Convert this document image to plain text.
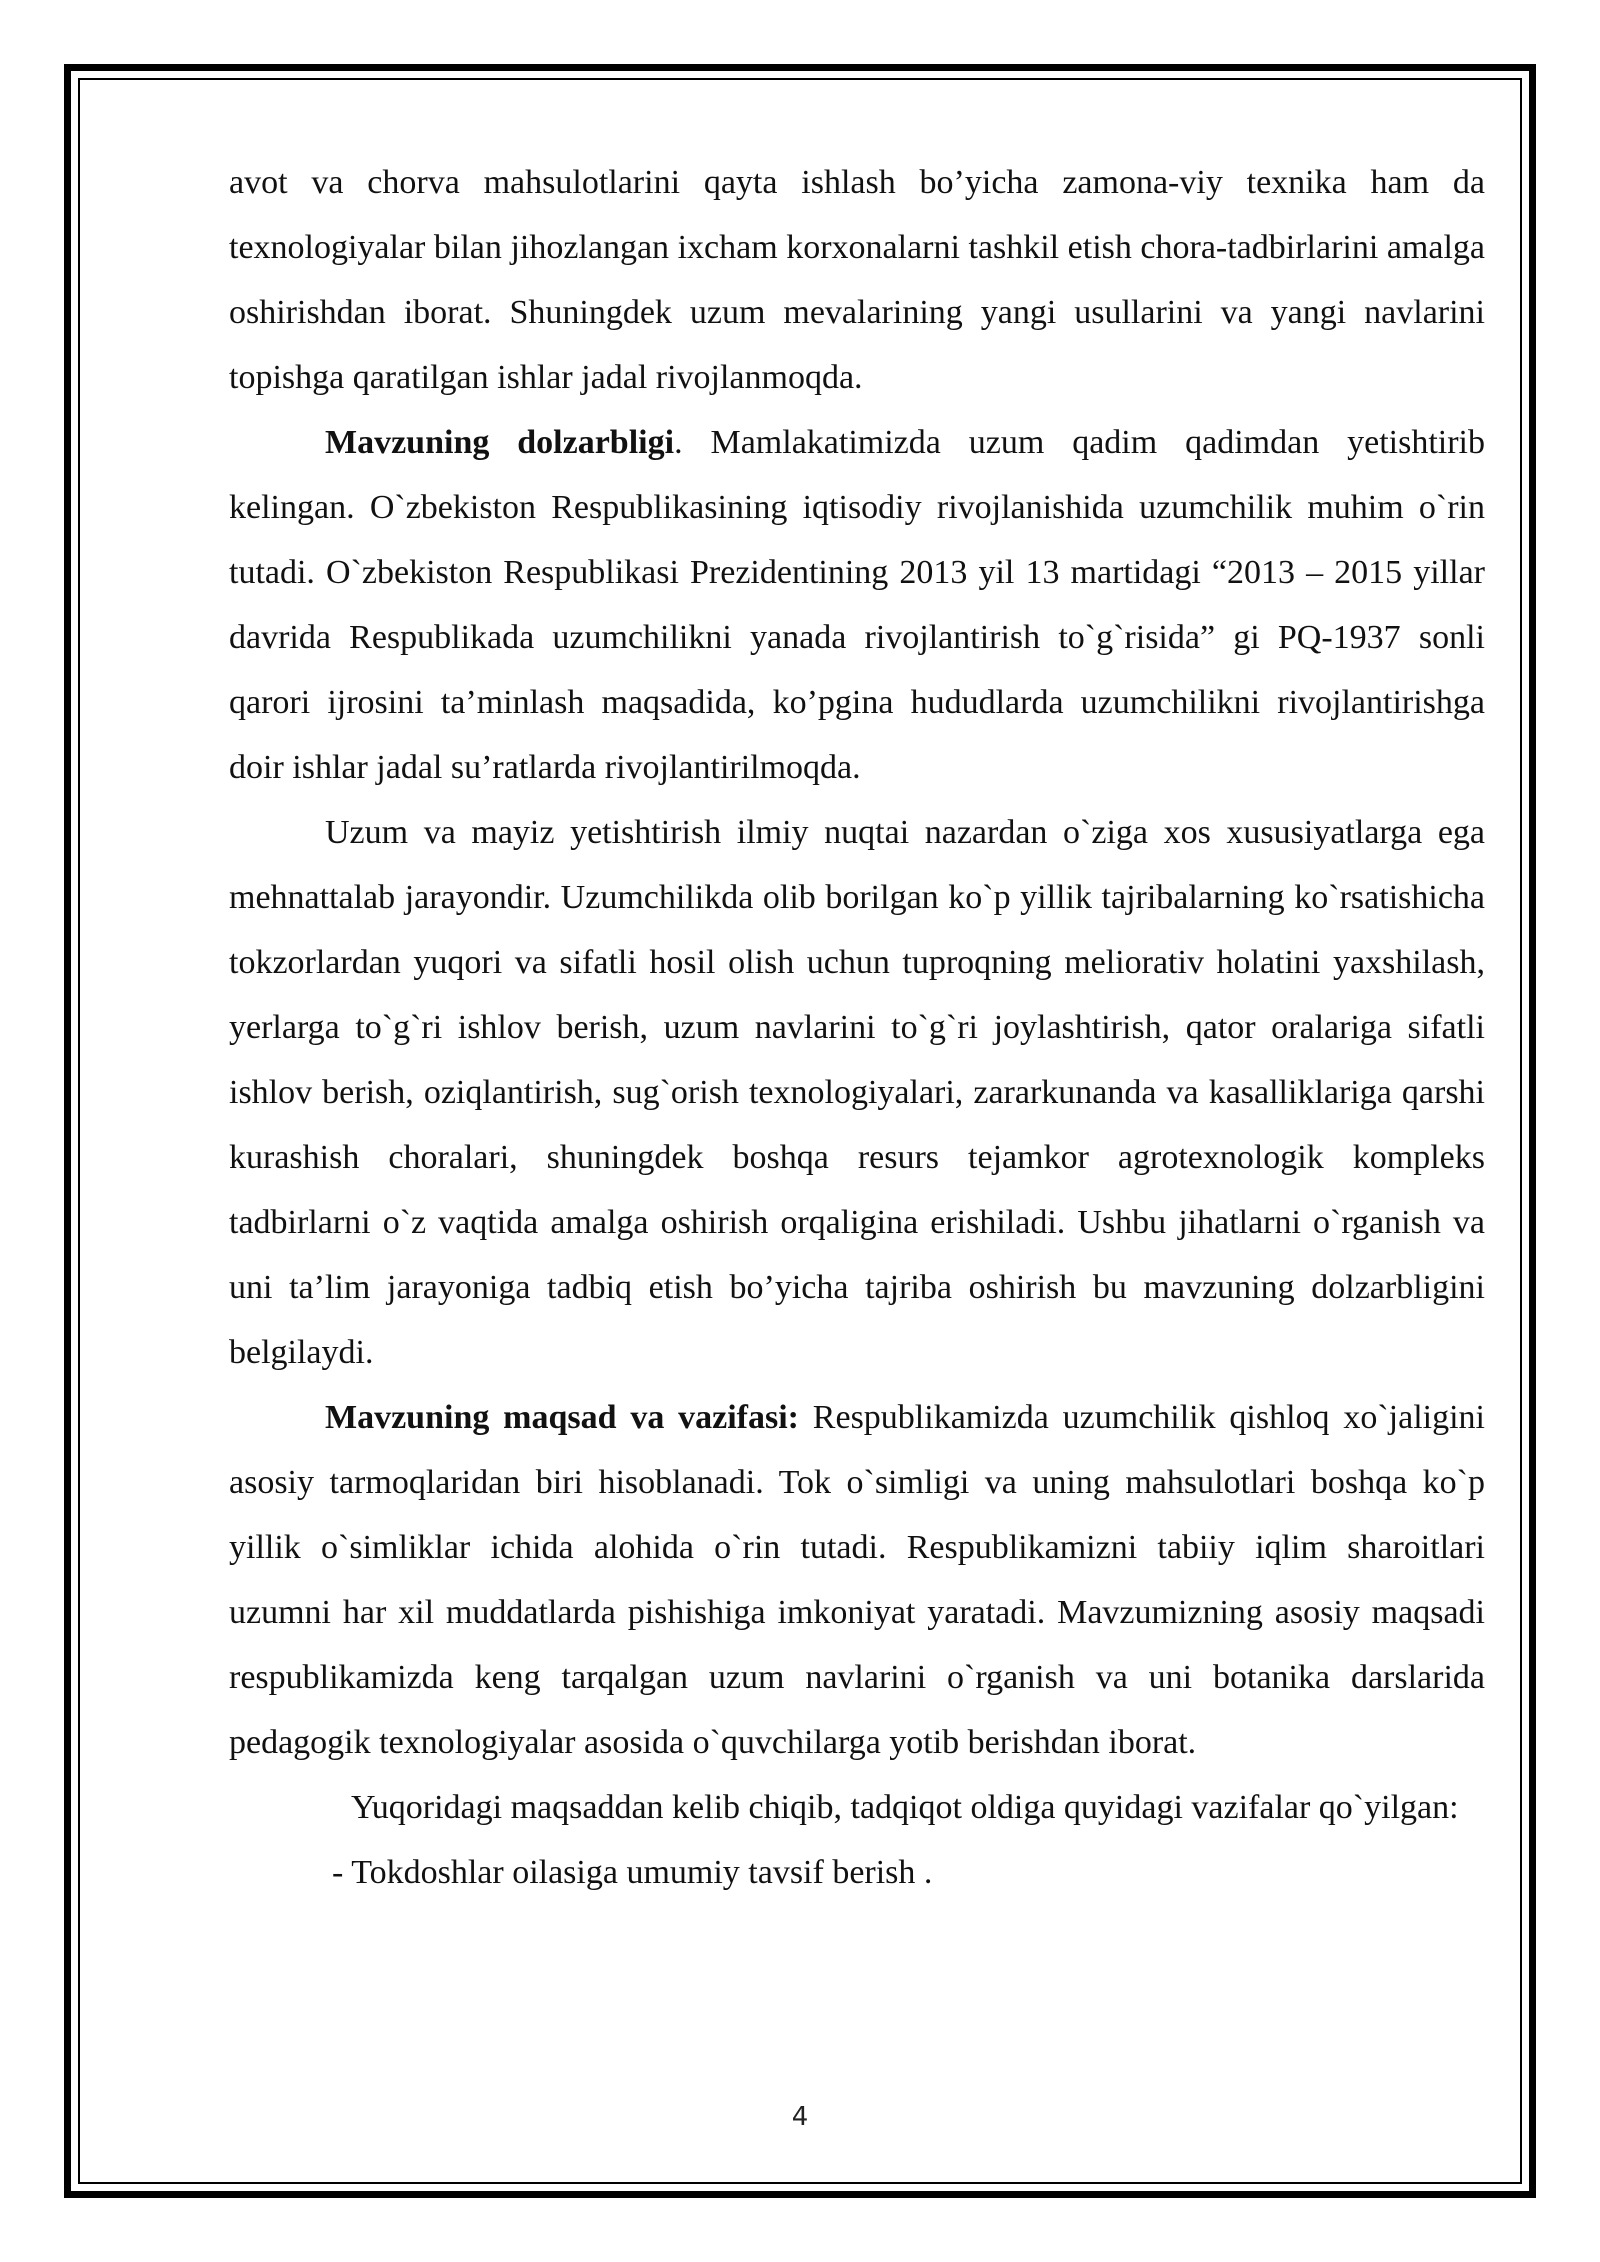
avot va chorva mahsulotlarini qayta ishlash bo’yicha zamona-viy texnika ham da texnologiyalar bilan jihozlangan ixcham korxonalarni tashkil etish chora-tadbirlarini amalga oshirishdan iborat. Shuningdek uzum mevalarining yangi usullarini va yangi navlarini topishga qaratilgan ishlar jadal rivojlanmoqda.

Mavzuning dolzarbligi. Mamlakatimizda uzum qadim qadimdan yetishtirib kelingan. O`zbekiston Respublikasining iqtisodiy rivojlanishida uzumchilik muhim o`rin tutadi. O`zbekiston Respublikasi Prezidentining 2013 yil 13 martidagi “2013 – 2015 yillar davrida Respublikada uzumchilikni yanada rivojlantirish to`g`risida” gi PQ-1937 sonli qarori ijrosini ta’minlash maqsadida, ko’pgina hududlarda uzumchilikni rivojlantirishga doir ishlar jadal su’ratlarda rivojlantirilmoqda.

Uzum va mayiz yetishtirish ilmiy nuqtai nazardan o`ziga xos xususiyatlarga ega mehnattalab jarayondir. Uzumchilikda olib borilgan ko`p yillik tajribalarning ko`rsatishicha tokzorlardan yuqori va sifatli hosil olish uchun tuproqning meliorativ holatini yaxshilash, yerlarga to`g`ri ishlov berish, uzum navlarini to`g`ri joylashtirish, qator oralariga sifatli ishlov berish, oziqlantirish, sug`orish texnologiyalari, zararkunanda va kasalliklariga qarshi kurashish choralari, shuningdek boshqa resurs tejamkor agrotexnologik kompleks tadbirlarni o`z vaqtida amalga oshirish orqaligina erishiladi. Ushbu jihatlarni o`rganish va uni ta’lim jarayoniga tadbiq etish bo’yicha tajriba oshirish bu mavzuning dolzarbligini belgilaydi.

Mavzuning maqsad va vazifasi: Respublikamizda uzumchilik qishloq xo`jaligini asosiy tarmoqlaridan biri hisoblanadi. Tok o`simligi va uning mahsulotlari boshqa ko`p yillik o`simliklar ichida alohida o`rin tutadi. Respublikamizni tabiiy iqlim sharoitlari uzumni har xil muddatlarda pishishiga imkoniyat yaratadi. Mavzumizning asosiy maqsadi respublikamizda keng tarqalgan uzum navlarini o`rganish va uni botanika darslarida pedagogik texnologiyalar asosida o`quvchilarga yotib berishdan iborat.

Yuqoridagi maqsaddan kelib chiqib, tadqiqot oldiga quyidagi vazifalar qo`yilgan:

- Tokdoshlar oilasiga umumiy tavsif berish .

4
